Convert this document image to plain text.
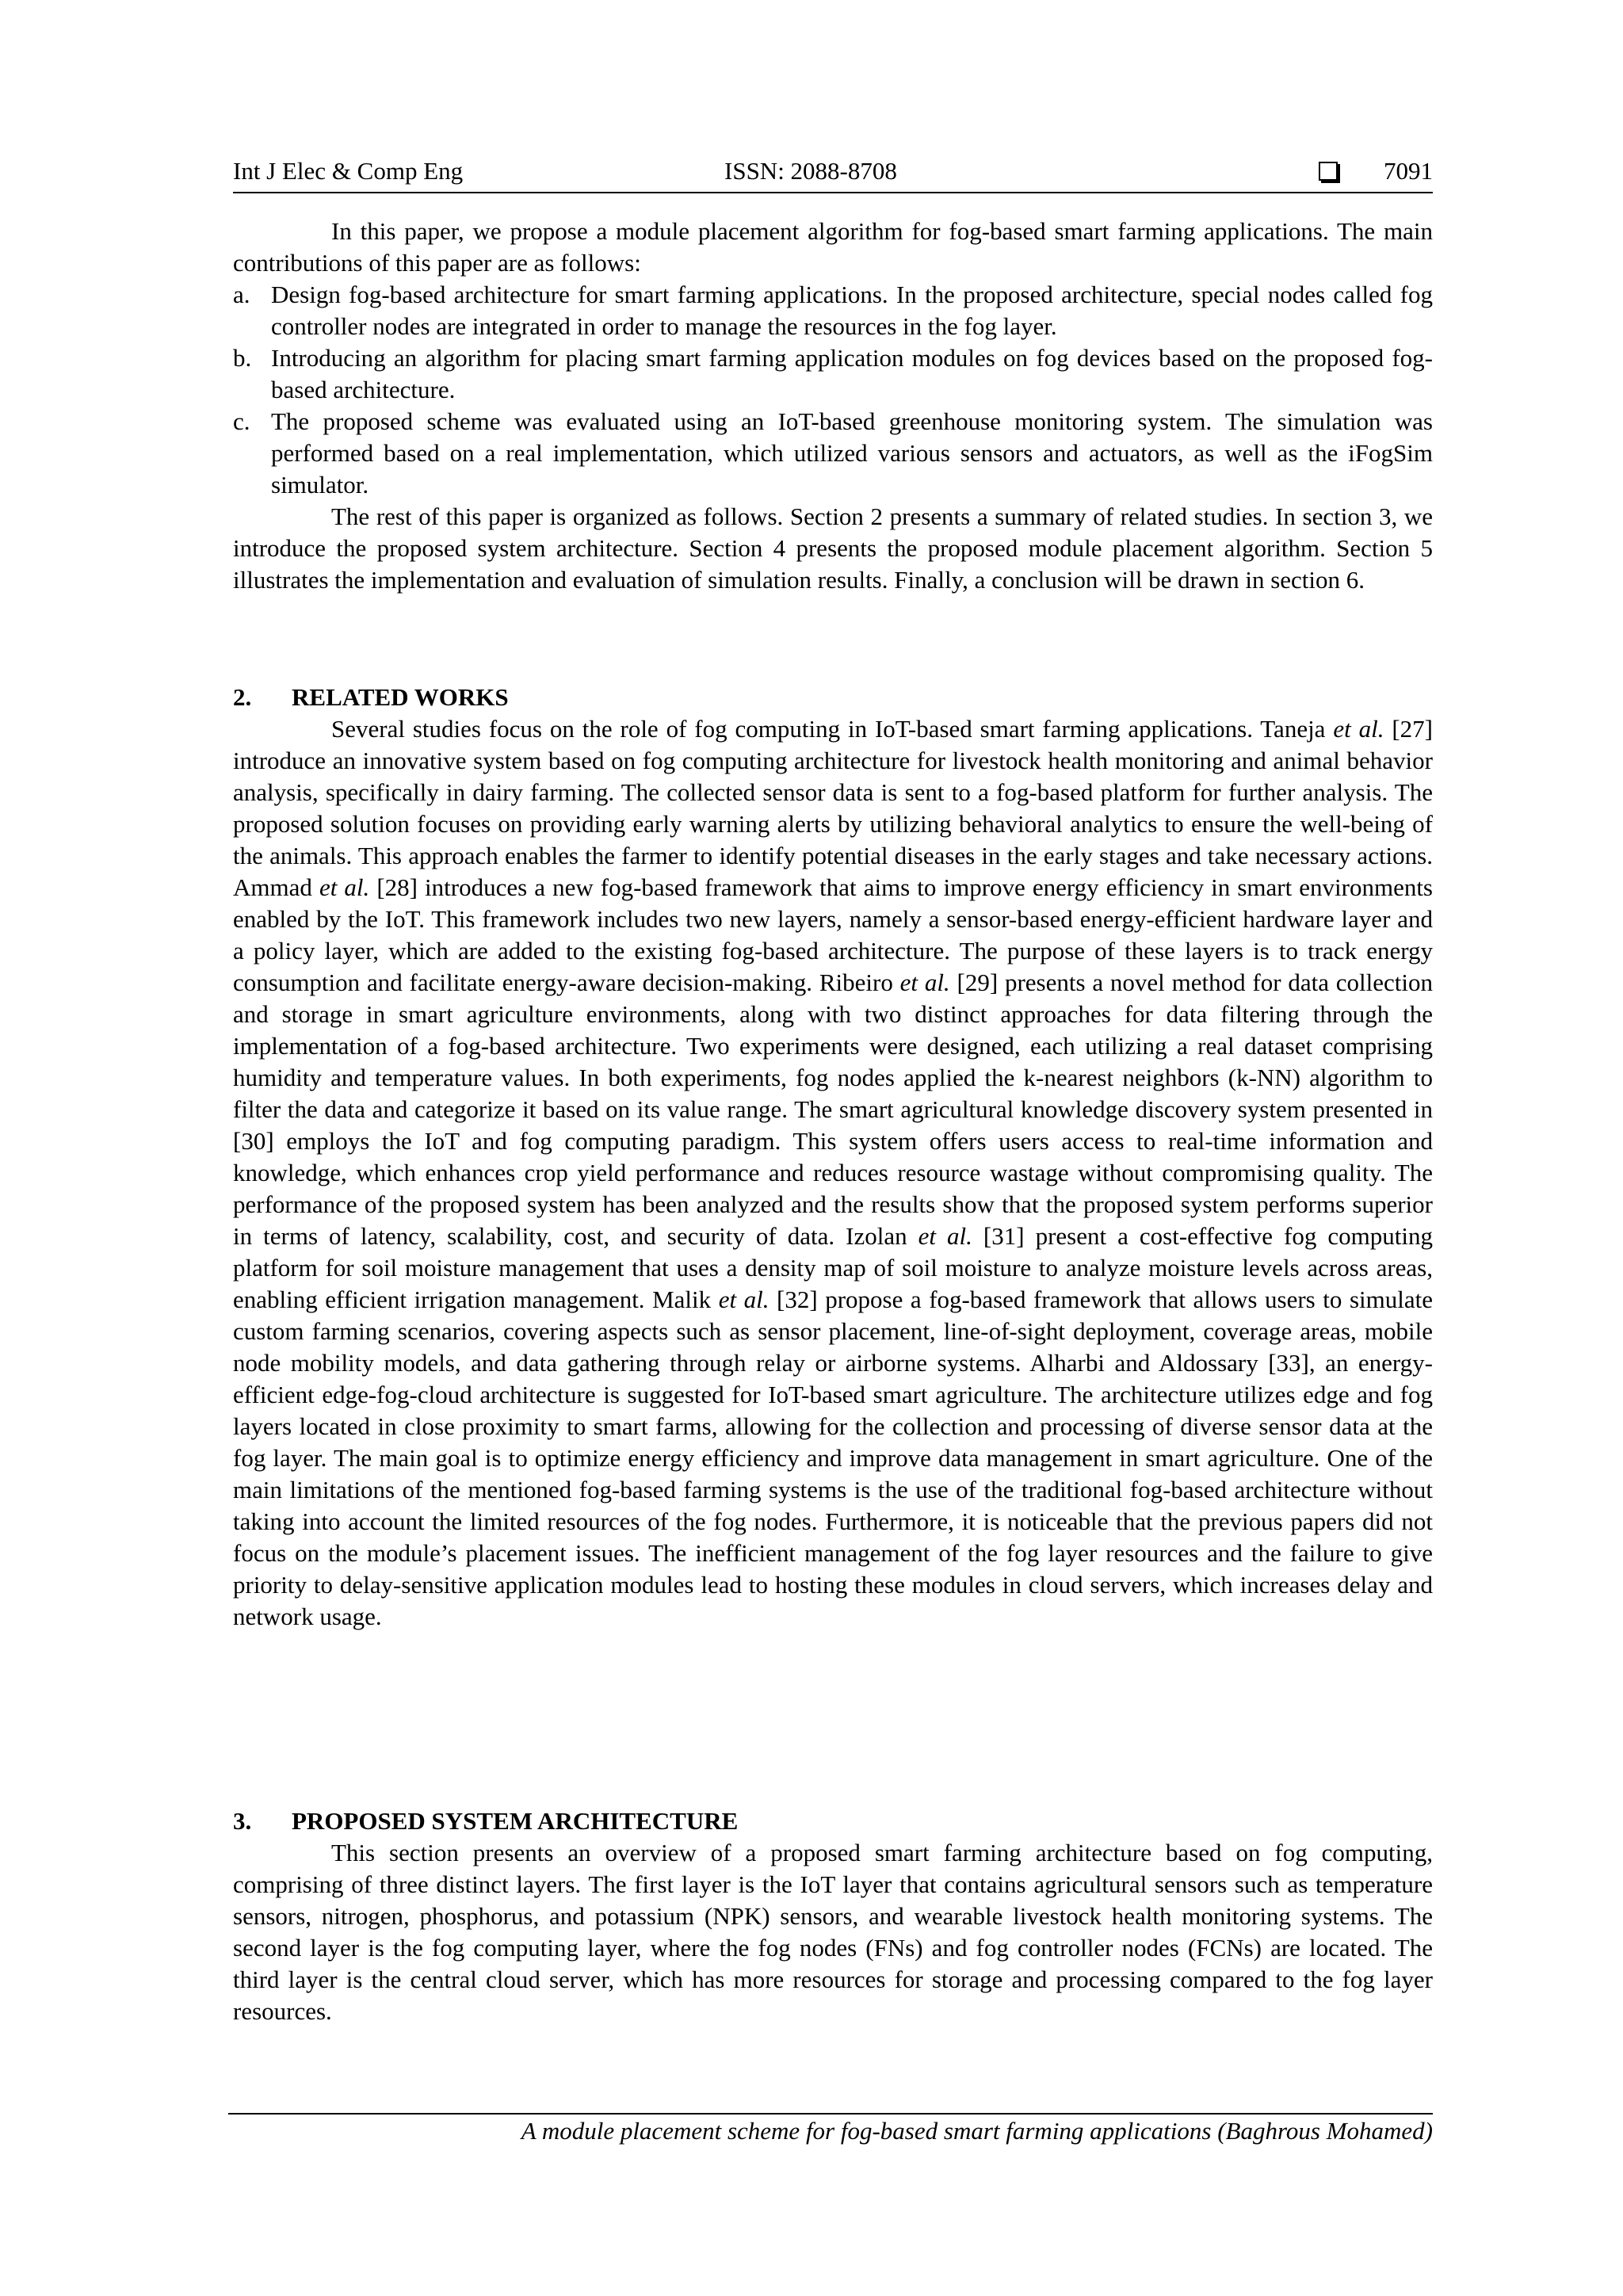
Int J Elec & Comp Eng	ISSN: 2088-8708	7091

In this paper, we propose a module placement algorithm for fog-based smart farming applications. The main contributions of this paper are as follows:

a. Design fog-based architecture for smart farming applications. In the proposed architecture, special nodes called fog controller nodes are integrated in order to manage the resources in the fog layer.
b. Introducing an algorithm for placing smart farming application modules on fog devices based on the proposed fog-based architecture.
c. The proposed scheme was evaluated using an IoT-based greenhouse monitoring system. The simulation was performed based on a real implementation, which utilized various sensors and actuators, as well as the iFogSim simulator.

The rest of this paper is organized as follows. Section 2 presents a summary of related studies. In section 3, we introduce the proposed system architecture. Section 4 presents the proposed module placement algorithm. Section 5 illustrates the implementation and evaluation of simulation results. Finally, a conclusion will be drawn in section 6.

2. RELATED WORKS

Several studies focus on the role of fog computing in IoT-based smart farming applications. Taneja et al. [27] introduce an innovative system based on fog computing architecture for livestock health monitoring and animal behavior analysis, specifically in dairy farming. The collected sensor data is sent to a fog-based platform for further analysis. The proposed solution focuses on providing early warning alerts by utilizing behavioral analytics to ensure the well-being of the animals. This approach enables the farmer to identify potential diseases in the early stages and take necessary actions. Ammad et al. [28] introduces a new fog-based framework that aims to improve energy efficiency in smart environments enabled by the IoT. This framework includes two new layers, namely a sensor-based energy-efficient hardware layer and a policy layer, which are added to the existing fog-based architecture. The purpose of these layers is to track energy consumption and facilitate energy-aware decision-making. Ribeiro et al. [29] presents a novel method for data collection and storage in smart agriculture environments, along with two distinct approaches for data filtering through the implementation of a fog-based architecture. Two experiments were designed, each utilizing a real dataset comprising humidity and temperature values. In both experiments, fog nodes applied the k-nearest neighbors (k-NN) algorithm to filter the data and categorize it based on its value range. The smart agricultural knowledge discovery system presented in [30] employs the IoT and fog computing paradigm. This system offers users access to real-time information and knowledge, which enhances crop yield performance and reduces resource wastage without compromising quality. The performance of the proposed system has been analyzed and the results show that the proposed system performs superior in terms of latency, scalability, cost, and security of data. Izolan et al. [31] present a cost-effective fog computing platform for soil moisture management that uses a density map of soil moisture to analyze moisture levels across areas, enabling efficient irrigation management. Malik et al. [32] propose a fog-based framework that allows users to simulate custom farming scenarios, covering aspects such as sensor placement, line-of-sight deployment, coverage areas, mobile node mobility models, and data gathering through relay or airborne systems. Alharbi and Aldossary [33], an energy-efficient edge-fog-cloud architecture is suggested for IoT-based smart agriculture. The architecture utilizes edge and fog layers located in close proximity to smart farms, allowing for the collection and processing of diverse sensor data at the fog layer. The main goal is to optimize energy efficiency and improve data management in smart agriculture. One of the main limitations of the mentioned fog-based farming systems is the use of the traditional fog-based architecture without taking into account the limited resources of the fog nodes. Furthermore, it is noticeable that the previous papers did not focus on the module’s placement issues. The inefficient management of the fog layer resources and the failure to give priority to delay-sensitive application modules lead to hosting these modules in cloud servers, which increases delay and network usage.

3. PROPOSED SYSTEM ARCHITECTURE

This section presents an overview of a proposed smart farming architecture based on fog computing, comprising of three distinct layers. The first layer is the IoT layer that contains agricultural sensors such as temperature sensors, nitrogen, phosphorus, and potassium (NPK) sensors, and wearable livestock health monitoring systems. The second layer is the fog computing layer, where the fog nodes (FNs) and fog controller nodes (FCNs) are located. The third layer is the central cloud server, which has more resources for storage and processing compared to the fog layer resources.

A module placement scheme for fog-based smart farming applications (Baghrous Mohamed)
